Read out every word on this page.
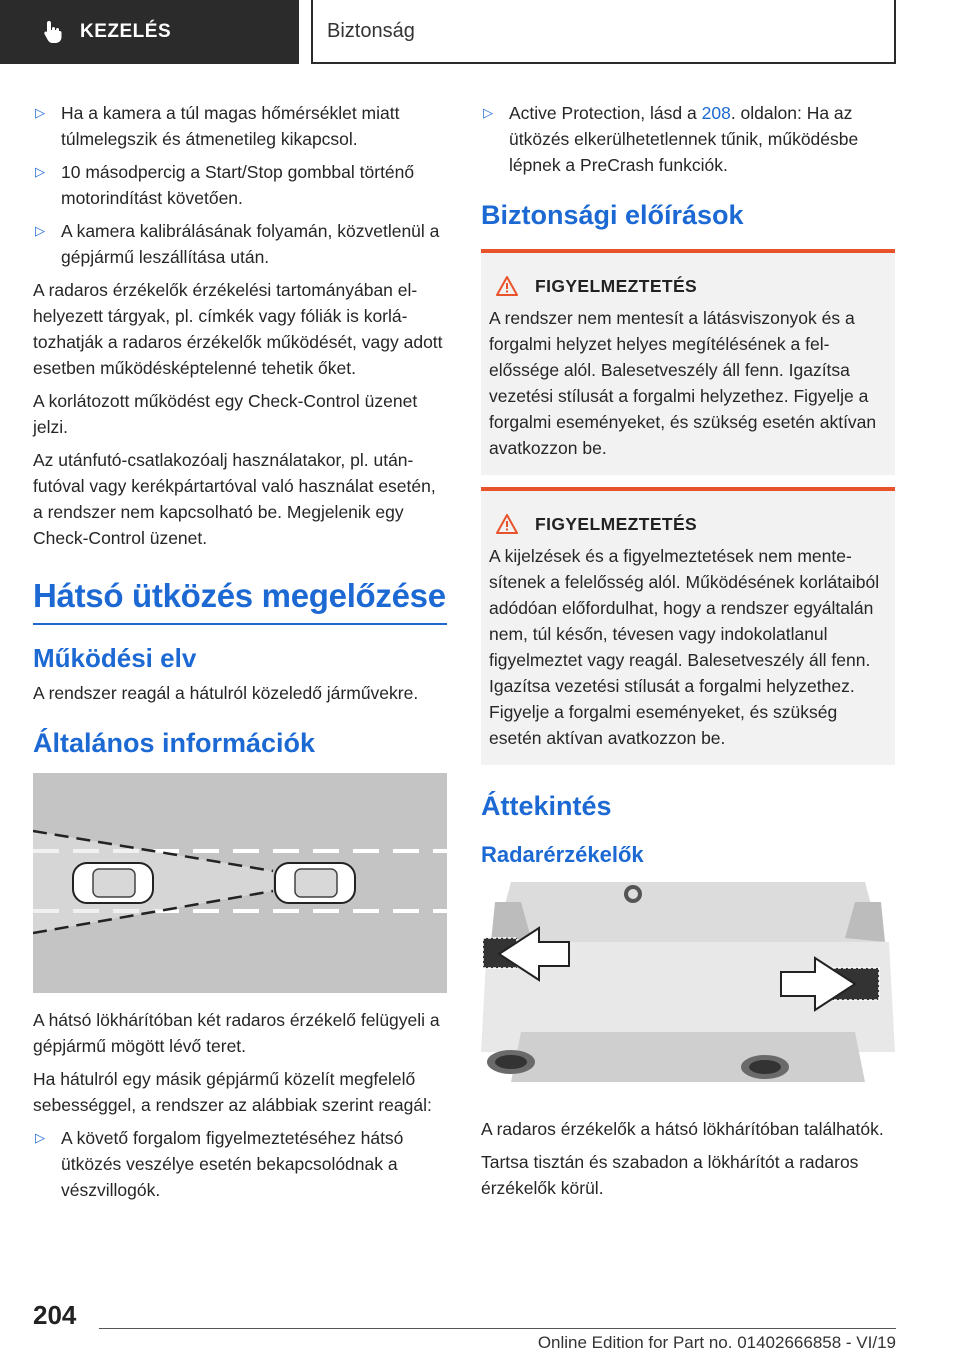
KEZELÉS	Biztonság
▷ Ha a kamera a túl magas hőmérséklet miatt túlmelegszik és átmenetileg kikapcsol.
▷ 10 másodpercig a Start/Stop gombbal történő motorindítást követően.
▷ A kamera kalibrálásának folyamán, közvetlenül a gépjármű leszállítása után.

A radaros érzékelők érzékelési tartományában elhelyezett tárgyak, pl. címkék vagy fóliák is korlátozhatják a radaros érzékelők működését, vagy adott esetben működésképtelenné tehetik őket.

A korlátozott működést egy Check-Control üzenet jelzi.

Az utánfutó-csatlakozóalj használatakor, pl. utánfutóval vagy kerékpártartóval való használat esetén, a rendszer nem kapcsolható be. Megjelenik egy Check-Control üzenet.

Hátsó ütközés megelőzése
Működési elv

A rendszer reagál a hátulról közeledő járművekre.

Általános információk

A hátsó lökhárítóban két radaros érzékelő felügyeli a gépjármű mögött lévő teret.

Ha hátulról egy másik gépjármű közelít megfelelő sebességgel, a rendszer az alábbiak szerint reagál:

▷ A követő forgalom figyelmeztetéséhez hátsó ütközés veszélye esetén bekapcsolódnak a vészvillogók.
▷ Active Protection, lásd a 208. oldalon: Ha az ütközés elkerülhetetlennek tűnik, működésbe lépnek a PreCrash funkciók.
Biztonsági előírások
FIGYELMEZTETÉS

A rendszer nem mentesít a látásviszonyok és a forgalmi helyzet helyes megítélésének a felelőssége alól. Balesetveszély áll fenn. Igazítsa vezetési stílusát a forgalmi helyzethez. Figyelje a forgalmi eseményeket, és szükség esetén aktívan avatkozzon be.

FIGYELMEZTETÉS

A kijelzések és a figyelmeztetések nem mentesítenek a felelősség alól. Működésének korlátaiból adódóan előfordulhat, hogy a rendszer egyáltalán nem, túl későn, tévesen vagy indokolatlanul figyelmeztet vagy reagál. Balesetveszély áll fenn. Igazítsa vezetési stílusát a forgalmi helyzethez. Figyelje a forgalmi eseményeket, és szükség esetén aktívan avatkozzon be.

Áttekintés
Radarérzékelők

A radaros érzékelők a hátsó lökhárítóban találhatók.

Tartsa tisztán és szabadon a lökhárítót a radaros érzékelők körül.

204
Online Edition for Part no. 01402666858 - VI/19
